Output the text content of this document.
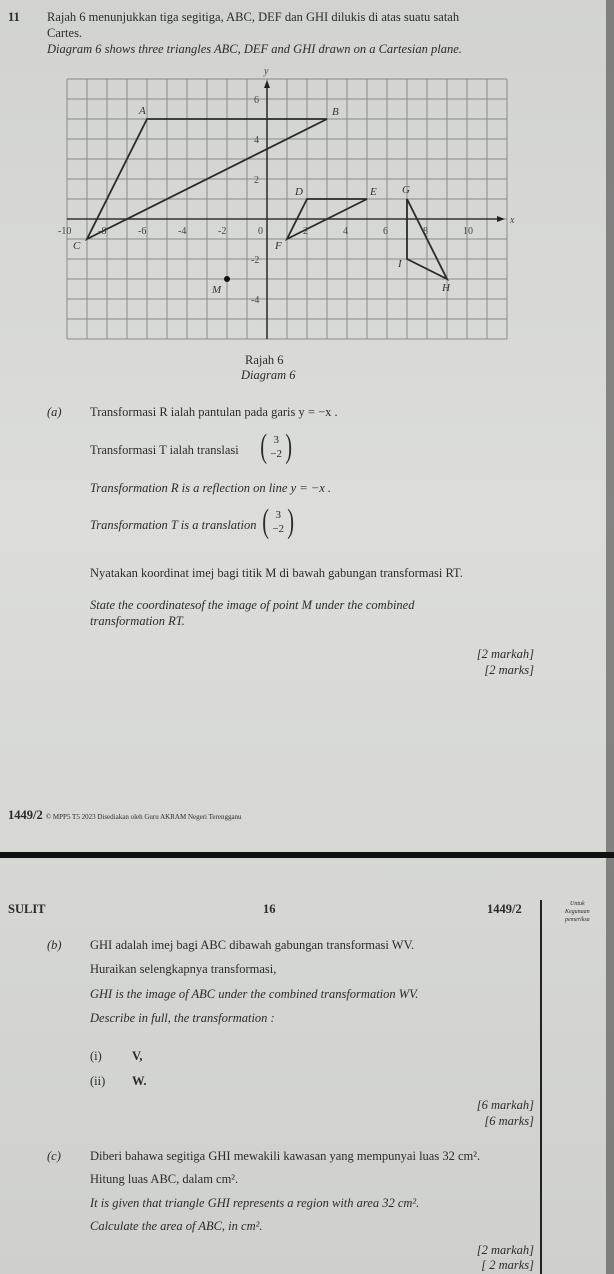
11 Rajah 6 menunjukkan tiga segitiga, ABC, DEF dan GHI dilukis di atas suatu satah
Cartes.
Diagram 6 shows three triangles ABC, DEF and GHI drawn on a Cartesian plane.
x
y
-10	-8	-6	-4	-2	0	2	4	6	8	10
6
4
2
-2
-4
A	B
C
D	E
F
G
H
I
M
Rajah 6
Diagram 6
(a) Transformasi R ialah pantulan pada garis y = −x .
Transformasi T ialah translasi ( 3
−2 )
Transformation R is a reflection on line y = −x .
Transformation T is a translation ( 3
−2 )
Nyatakan koordinat imej bagi titik M di bawah gabungan transformasi RT.
State the coordinatesof the image of point M under the combined
transformation RT.
[2 markah]
[2 marks]
1449/2 © MPP5 T5 2023 Disediakan oleh Guru AKRAM Negeri Terengganu
SULIT	16	1449/2	Untuk
Kegunaan
pemeriksa
(b) GHI adalah imej bagi ABC dibawah gabungan transformasi WV.
Huraikan selengkapnya transformasi,
GHI is the image of ABC under the combined transformation WV.
Describe in full, the transformation :
(i) V,
(ii) W.
[6 markah]
[6 marks]
(c) Diberi bahawa segitiga GHI mewakili kawasan yang mempunyai luas 32 cm².
Hitung luas ABC, dalam cm².
It is given that triangle GHI represents a region with area 32 cm².
Calculate the area of ABC, in cm².
[2 markah]
[ 2 marks]
